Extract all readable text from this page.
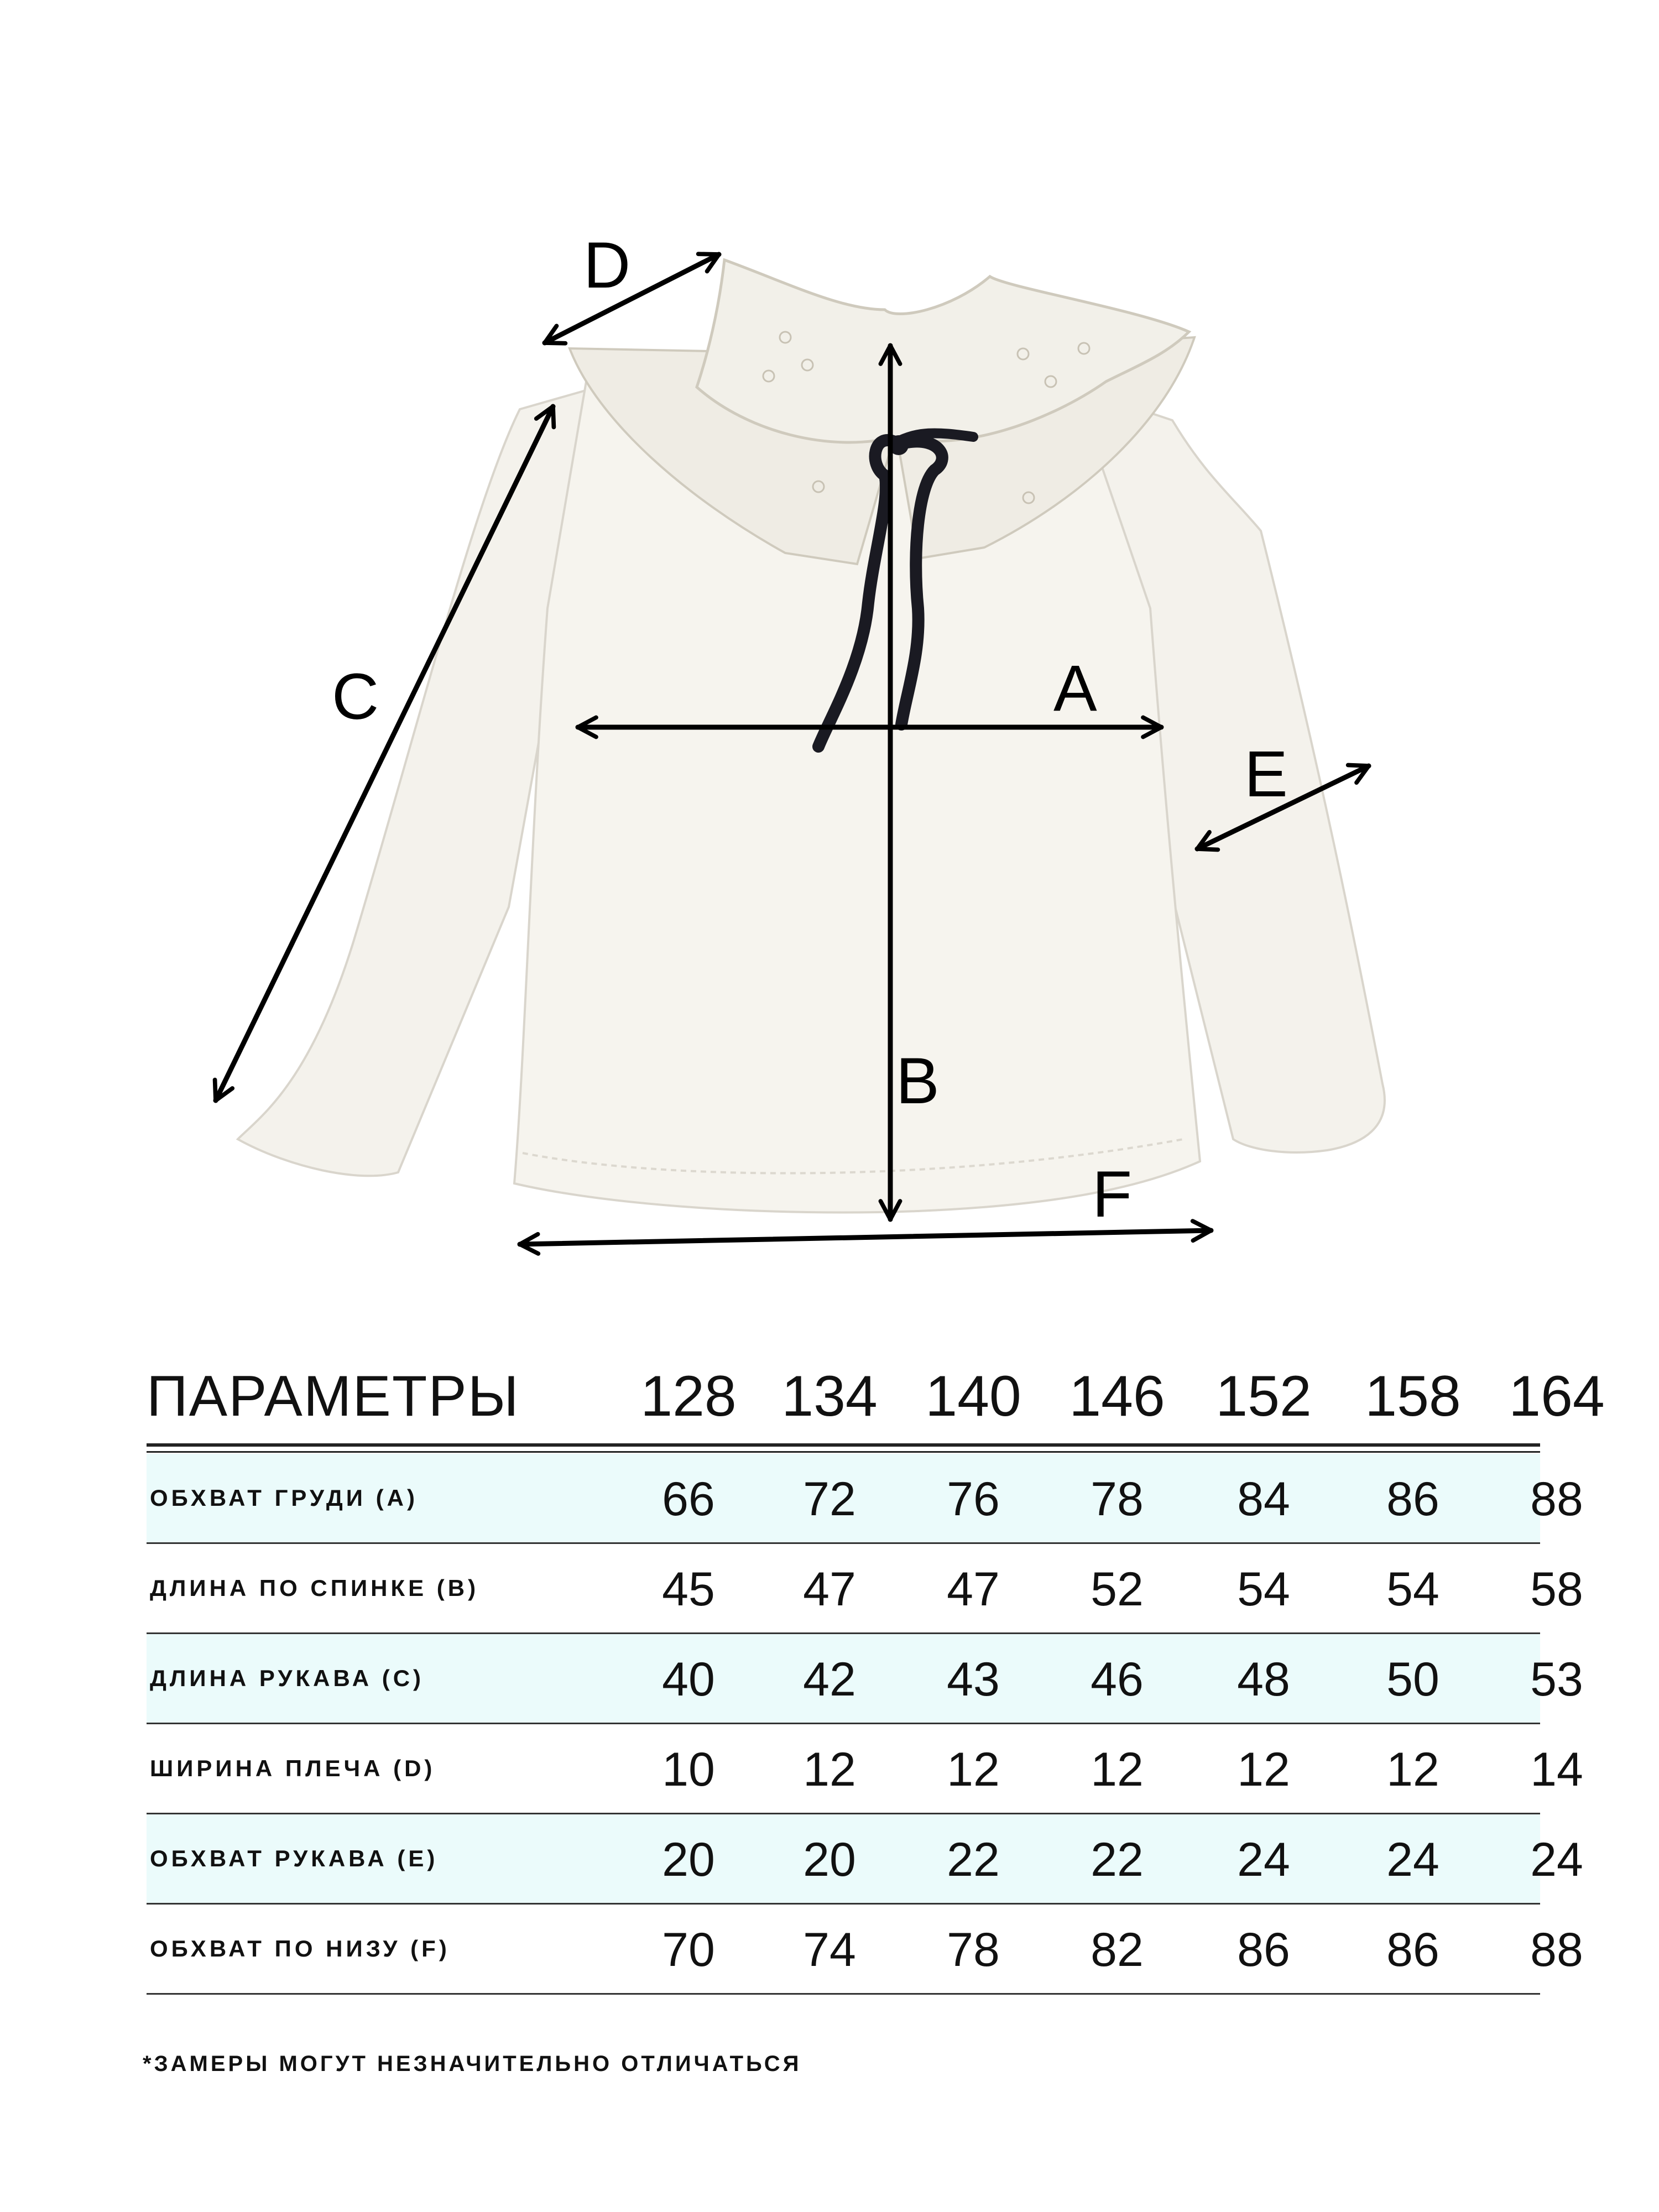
D
C	A
E
B
F
ПАРАМЕТРЫ 128 134 140 146 152 158 164
ОБХВАТ ГРУДИ (А)	66	72	76	78	84	86	88
ДЛИНА ПО СПИНКЕ (В)	45	47	47	52	54	54	58
ДЛИНА РУКАВА (С)	40	42	43	46	48	50	53
ШИРИНА ПЛЕЧА (D)	10	12	12	12	12	12	14
ОБХВАТ РУКАВА (Е)	20	20	22	22	24	24	24
ОБХВАТ ПО НИЗУ (F)	70	74	78	82	86	86	88
*ЗАМЕРЫ МОГУТ НЕЗНАЧИТЕЛЬНО ОТЛИЧАТЬСЯ
